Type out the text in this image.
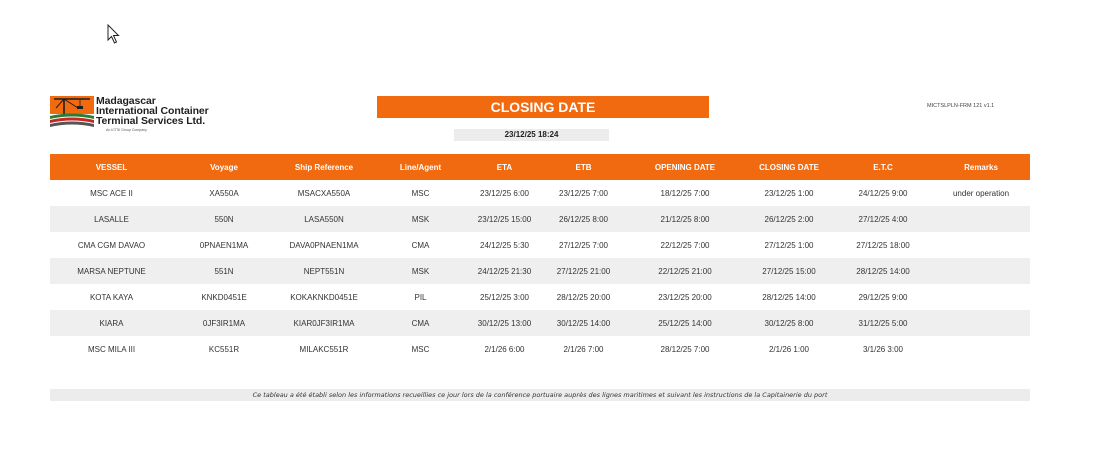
Madagascar
International Container
Terminal Services Ltd.
An ICTSI Group Company
CLOSING DATE
23/12/25 18:24
MICTSLPLN-FRM 121 v1.1
VESSEL	Voyage	Ship Reference	Line/Agent	ETA	ETB	OPENING DATE	CLOSING DATE	E.T.C	Remarks
MSC ACE II	XA550A	MSACXA550A	MSC	23/12/25 6:00	23/12/25 7:00	18/12/25 7:00	23/12/25 1:00	24/12/25 9:00	under operation
LASALLE	550N	LASA550N	MSK	23/12/25 15:00	26/12/25 8:00	21/12/25 8:00	26/12/25 2:00	27/12/25 4:00
CMA CGM DAVAO	0PNAEN1MA	DAVA0PNAEN1MA	CMA	24/12/25 5:30	27/12/25 7:00	22/12/25 7:00	27/12/25 1:00	27/12/25 18:00
MARSA NEPTUNE	551N	NEPT551N	MSK	24/12/25 21:30	27/12/25 21:00	22/12/25 21:00	27/12/25 15:00	28/12/25 14:00
KOTA KAYA	KNKD0451E	KOKAKNKD0451E	PIL	25/12/25 3:00	28/12/25 20:00	23/12/25 20:00	28/12/25 14:00	29/12/25 9:00
KIARA	0JF3IR1MA	KIAR0JF3IR1MA	CMA	30/12/25 13:00	30/12/25 14:00	25/12/25 14:00	30/12/25 8:00	31/12/25 5:00
MSC MILA III	KC551R	MILAKC551R	MSC	2/1/26 6:00	2/1/26 7:00	28/12/25 7:00	2/1/26 1:00	3/1/26 3:00
Ce tableau a été établi selon les informations recueillies ce jour lors de la conférence portuaire auprès des lignes maritimes et suivant les instructions de la Capitainerie du port
